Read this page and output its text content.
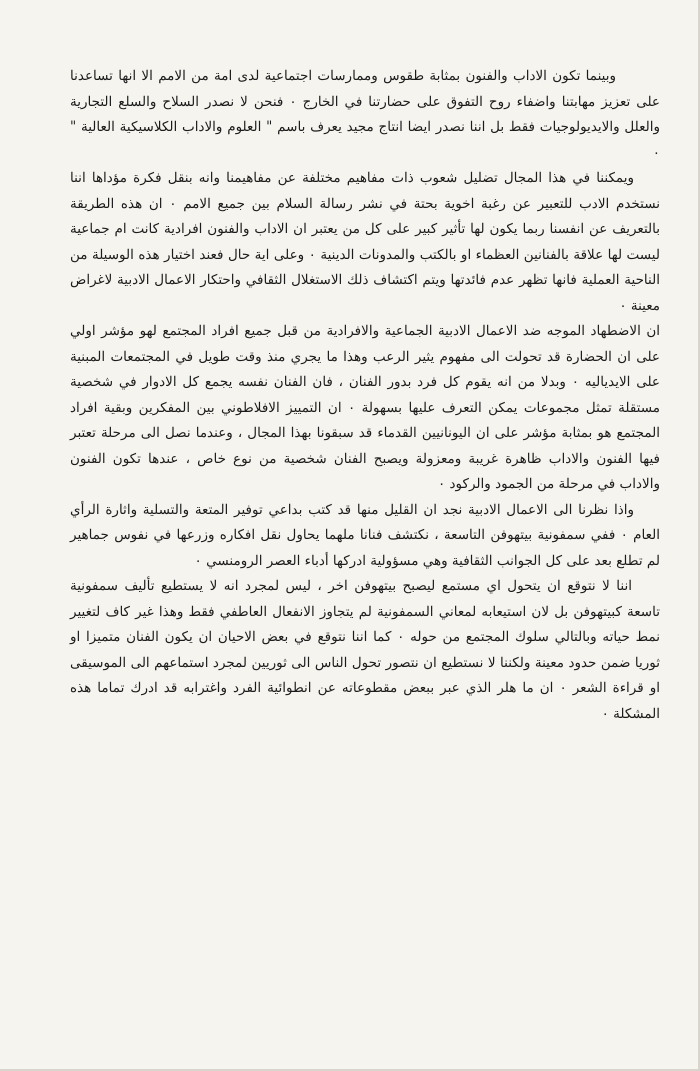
وبينما تكون الاداب والفنون بمثابة طقوس وممارسات اجتماعية لدى امة من الامم الا انها تساعدنا على تعزيز مهابتنا واضفاء روح التفوق على حضارتنا في الخارج ٠ فنحن لا نصدر السلاح والسلع التجارية والعلل والايديولوجيات فقط بل اننا نصدر ايضا انتاج مجيد يعرف باسم " العلوم والاداب الكلاسيكية العالية " ٠

ويمكننا في هذا المجال تضليل شعوب ذات مفاهيم مختلفة عن مفاهيمنا وانه بنقل فكرة مؤداها اننا نستخدم الادب للتعبير عن رغبة اخوية بحتة في نشر رسالة السلام بين جميع الامم ٠ ان هذه الطريقة بالتعريف عن انفسنا ربما يكون لها تأثير كبير على كل من يعتبر ان الاداب والفنون افرادية كانت ام جماعية ليست لها علاقة بالفنانين العظماء او بالكتب والمدونات الدينية ٠ وعلى اية حال فعند اختيار هذه الوسيلة من الناحية العملية فانها تظهر عدم فائدتها ويتم اكتشاف ذلك الاستغلال الثقافي واحتكار الاعمال الادبية لاغراض معينة ٠

ان الاضطهاد الموجه ضد الاعمال الادبية الجماعية والافرادية من قبل جميع افراد المجتمع لهو مؤشر اولي على ان الحضارة قد تحولت الى مفهوم يثير الرعب وهذا ما يجري منذ وقت طويل في المجتمعات المبنية على الايدياليه ٠ وبدلا من انه يقوم كل فرد بدور الفنان ، فان الفنان نفسه يجمع كل الادوار في شخصية مستقلة تمثل مجموعات يمكن التعرف عليها بسهولة ٠ ان التمييز الافلاطوني بين المفكرين وبقية افراد المجتمع هو بمثابة مؤشر على ان اليونانيين القدماء قد سبقونا بهذا المجال ، وعندما نصل الى مرحلة تعتبر فيها الفنون والاداب ظاهرة غريبة ومعزولة ويصبح الفنان شخصية من نوع خاص ، عندها تكون الفنون والاداب في مرحلة من الجمود والركود ٠

واذا نظرنا الى الاعمال الادبية نجد ان القليل منها قد كتب بداعي توفير المتعة والتسلية واثارة الرأي العام ٠ ففي سمفونية بيتهوفن التاسعة ، نكتشف فنانا ملهما يحاول نقل افكاره وزرعها في نفوس جماهير لم تطلع بعد على كل الجوانب الثقافية وهي مسؤولية ادركها أدباء العصر الرومنسي ٠

اننا لا نتوقع ان يتحول اي مستمع ليصبح بيتهوفن اخر ، ليس لمجرد انه لا يستطيع تأليف سمفونية تاسعة كبيتهوفن بل لان استيعابه لمعاني السمفونية لم يتجاوز الانفعال العاطفي فقط وهذا غير كاف لتغيير نمط حياته وبالتالي سلوك المجتمع من حوله ٠ كما اننا نتوقع في بعض الاحيان ان يكون الفنان متميزا او ثوريا ضمن حدود معينة ولكننا لا نستطيع ان نتصور تحول الناس الى ثوريين لمجرد استماعهم الى الموسيقى او قراءة الشعر ٠ ان ما هلر الذي عبر ببعض مقطوعاته عن انطوائية الفرد واغترابه قد ادرك تماما هذه المشكلة ٠
